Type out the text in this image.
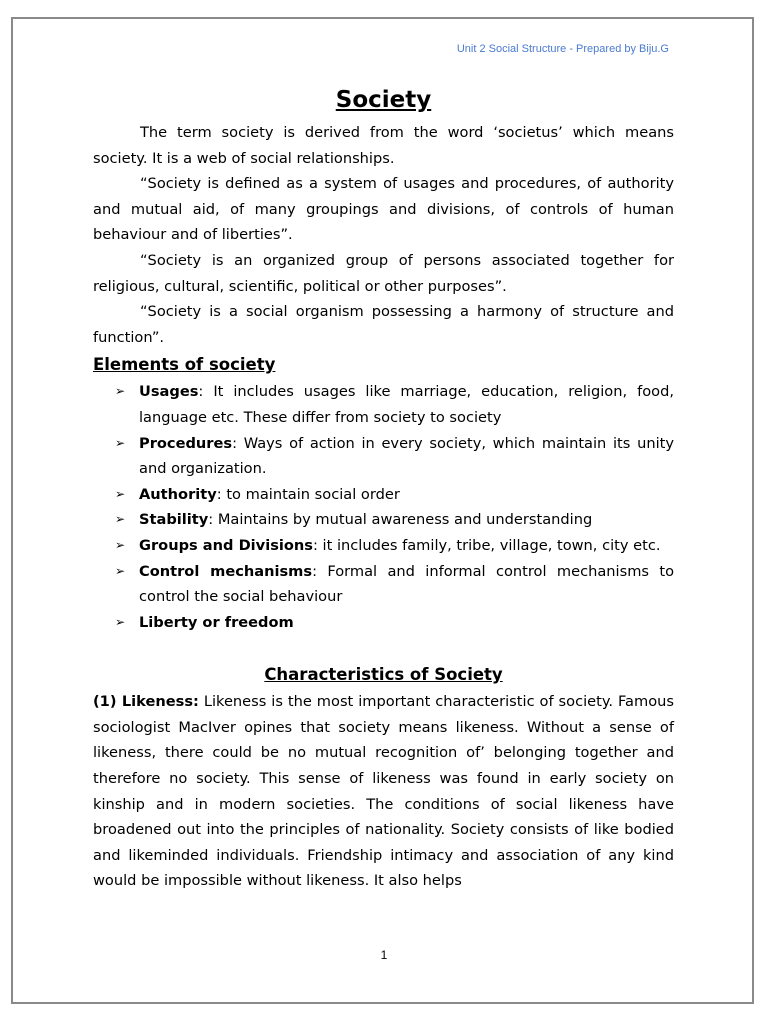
Unit 2 Social Structure - Prepared by Biju.G
Society

The term society is derived from the word ‘societus’ which means society. It is a web of social relationships.

“Society is defined as a system of usages and procedures, of authority and mutual aid, of many groupings and divisions, of controls of human behaviour and of liberties”.

“Society is an organized group of persons associated together for religious, cultural, scientific, political or other purposes”.

“Society is a social organism possessing a harmony of structure and function”.

Elements of society
➢ Usages: It includes usages like marriage, education, religion, food, language etc. These differ from society to society
➢ Procedures: Ways of action in every society, which maintain its unity and organization.
➢ Authority: to maintain social order
➢ Stability: Maintains by mutual awareness and understanding
➢ Groups and Divisions: it includes family, tribe, village, town, city etc.
➢ Control mechanisms: Formal and informal control mechanisms to control the social behaviour
➢ Liberty or freedom
Characteristics of Society

(1) Likeness: Likeness is the most important characteristic of society. Famous sociologist MacIver opines that society means likeness. Without a sense of likeness, there could be no mutual recognition of’ belonging together and therefore no society. This sense of likeness was found in early society on kinship and in modern societies. The conditions of social likeness have broadened out into the principles of nationality. Society consists of like bodied and likeminded individuals. Friendship intimacy and association of any kind would be impossible without likeness. It also helps

1
